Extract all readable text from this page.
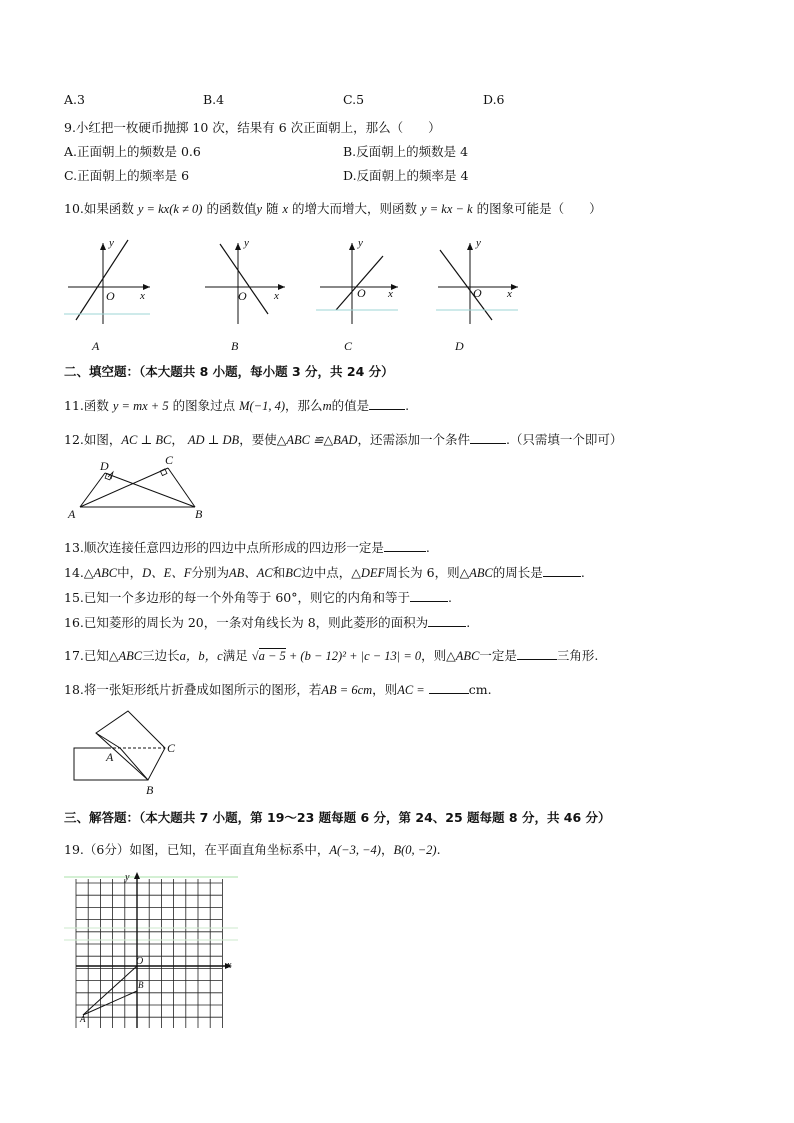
A.3	B.4	C.5	D.6
9.小红把一枚硬币抛掷 10 次，结果有 6 次正面朝上，那么（　　）
A.正面朝上的频数是 0.6	B.反面朝上的频数是 4
C.正面朝上的频率是 6	D.反面朝上的频率是 4
10.如果函数 y = kx(k ≠ 0) 的函数值y 随 x 的增大而增大，则函数 y = kx − k 的图象可能是（　　）
y
O x
A
y
O x
B
y
O x
C
y
O x
D
二、填空题：（本大题共 8 小题，每小题 3 分，共 24 分）
11.函数 y = mx + 5 的图象过点 M(−1, 4)，那么m的值是	.
12.如图，AC ⊥ BC， AD ⊥ DB，要使△ABC ≌△BAD，还需添加一个条件	.（只需填一个即可）
D	C
A	B
13.顺次连接任意四边形的四边中点所形成的四边形一定是	.
14.△ABC中，D、E、F分别为AB、AC和BC边中点，△DEF周长为 6，则△ABC的周长是	.
15.已知一个多边形的每一个外角等于 60°，则它的内角和等于	.
16.已知菱形的周长为 20，一条对角线长为 8，则此菱形的面积为	.
17.已知△ABC三边长a，b，c满足 √a − 5 + (b − 12)² + |c − 13| = 0，则△ABC一定是	三角形.
18.将一张矩形纸片折叠成如图所示的图形，若AB = 6cm，则AC =	cm.
A
B
C
三、解答题：（本大题共 7 小题，第 19～23 题每题 6 分，第 24、25 题每题 8 分，共 46 分）
19.（6分）如图，已知，在平面直角坐标系中，A(−3, −4)，B(0, −2).
y
x
O
B
A
